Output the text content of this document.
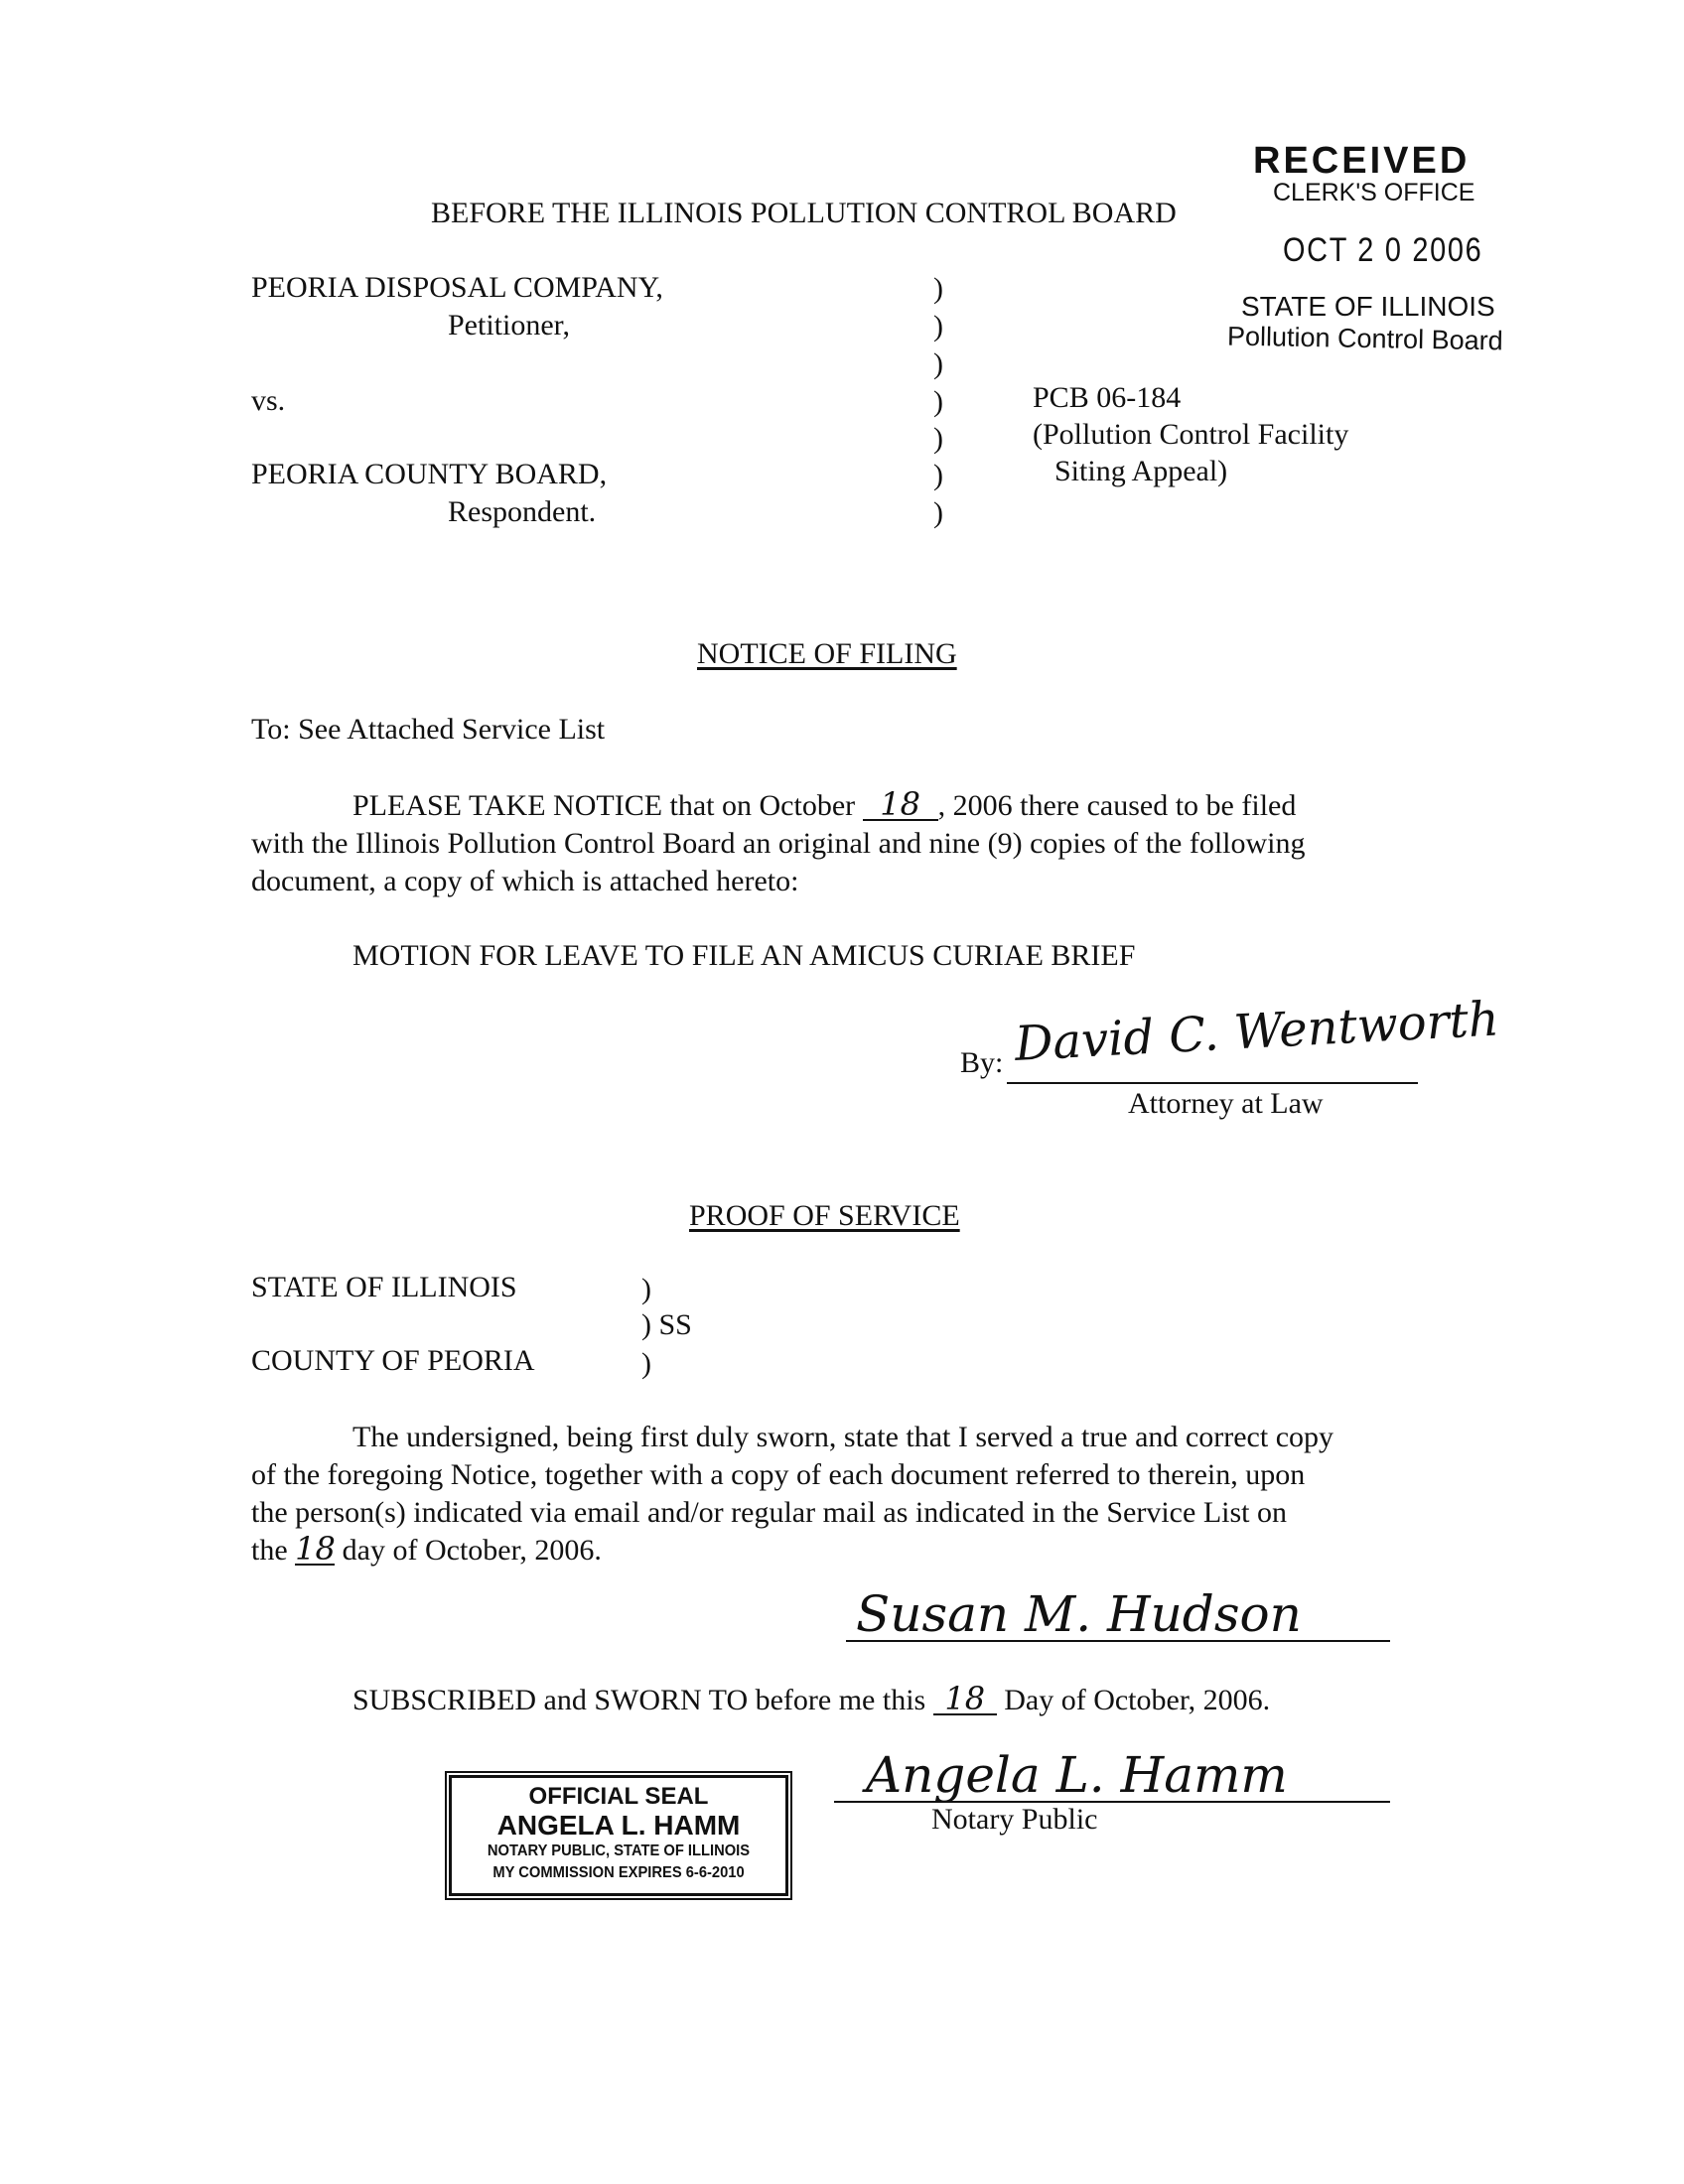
RECEIVED
CLERK'S OFFICE
OCT 2 0 2006
STATE OF ILLINOIS
Pollution Control Board
BEFORE THE ILLINOIS POLLUTION CONTROL BOARD
PEORIA DISPOSAL COMPANY,
Petitioner,
vs.
PEORIA COUNTY BOARD,
Respondent.
)
)
)
)
)
)
)
PCB 06-184
(Pollution Control Facility
Siting Appeal)
NOTICE OF FILING
To: See Attached Service List
PLEASE TAKE NOTICE that on October 18 , 2006 there caused to be filed
with the Illinois Pollution Control Board an original and nine (9) copies of the following
document, a copy of which is attached hereto:
MOTION FOR LEAVE TO FILE AN AMICUS CURIAE BRIEF
By: David C. Wentworth
Attorney at Law
PROOF OF SERVICE
STATE OF ILLINOIS	)
) SS
COUNTY OF PEORIA	)
The undersigned, being first duly sworn, state that I served a true and correct copy
of the foregoing Notice, together with a copy of each document referred to therein, upon
the person(s) indicated via email and/or regular mail as indicated in the Service List on
the 18 day of October, 2006.
Susan M. Hudson
SUBSCRIBED and SWORN TO before me this 18 Day of October, 2006.
Angela L. Hamm
Notary Public
OFFICIAL SEAL
ANGELA L. HAMM
NOTARY PUBLIC, STATE OF ILLINOIS
MY COMMISSION EXPIRES 6-6-2010
